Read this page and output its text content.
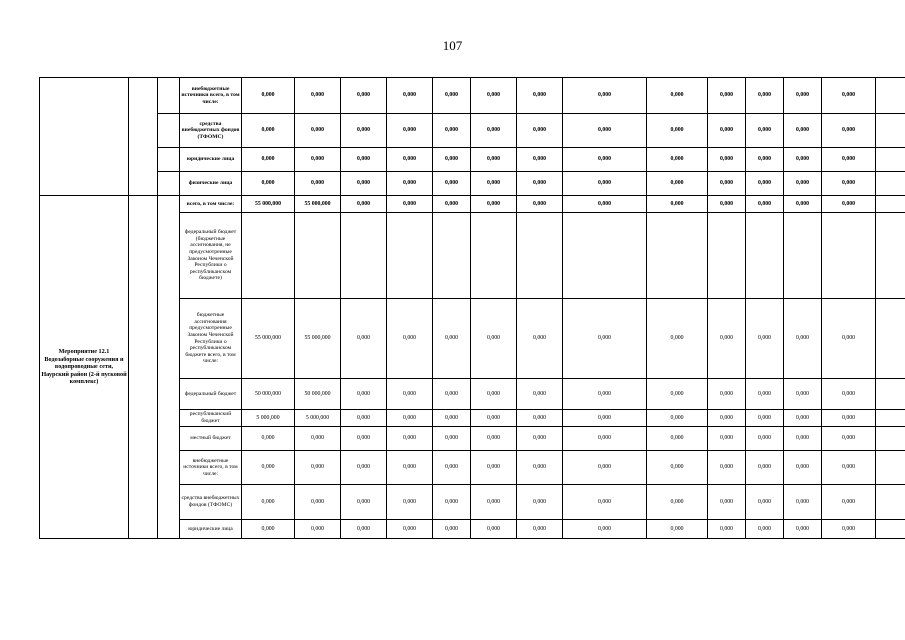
107
			внебюджетные источники всего, в том числе:	0,000	0,000	0,000	0,000	0,000	0,000	0,000	0,000	0,000	0,000	0,000	0,000	0,000	
			средства внебюджетных фондов (ТФОМС)	0,000	0,000	0,000	0,000	0,000	0,000	0,000	0,000	0,000	0,000	0,000	0,000	0,000	
			юридические лица	0,000	0,000	0,000	0,000	0,000	0,000	0,000	0,000	0,000	0,000	0,000	0,000	0,000	
			физические лица	0,000	0,000	0,000	0,000	0,000	0,000	0,000	0,000	0,000	0,000	0,000	0,000	0,000	
Мероприятие 12.1 Водозаборные сооружения и водопроводные сети, Наурский район (2-й пусковой комплекс)			всего, в том числе:	55 000,000	55 000,000	0,000	0,000	0,000	0,000	0,000	0,000	0,000	0,000	0,000	0,000	0,000	
			федеральный бюджет (бюджетные ассигнования, не предусмотренные Законом Чеченской Республики о республиканском бюджете)														
			бюджетные ассигнования предусмотренные Законом Чеченской Республики о республиканском бюджете всего, в том числе:	55 000,000	55 000,000	0,000	0,000	0,000	0,000	0,000	0,000	0,000	0,000	0,000	0,000	0,000	
			федеральный бюджет	50 000,000	50 000,000	0,000	0,000	0,000	0,000	0,000	0,000	0,000	0,000	0,000	0,000	0,000	
			республиканский бюджет	5 000,000	5 000,000	0,000	0,000	0,000	0,000	0,000	0,000	0,000	0,000	0,000	0,000	0,000	
			местный бюджет	0,000	0,000	0,000	0,000	0,000	0,000	0,000	0,000	0,000	0,000	0,000	0,000	0,000	
			внебюджетные источники всего, в том числе:	0,000	0,000	0,000	0,000	0,000	0,000	0,000	0,000	0,000	0,000	0,000	0,000	0,000	
			средства внебюджетных фондов (ТФОМС)	0,000	0,000	0,000	0,000	0,000	0,000	0,000	0,000	0,000	0,000	0,000	0,000	0,000	
			юридические лица	0,000	0,000	0,000	0,000	0,000	0,000	0,000	0,000	0,000	0,000	0,000	0,000	0,000	
